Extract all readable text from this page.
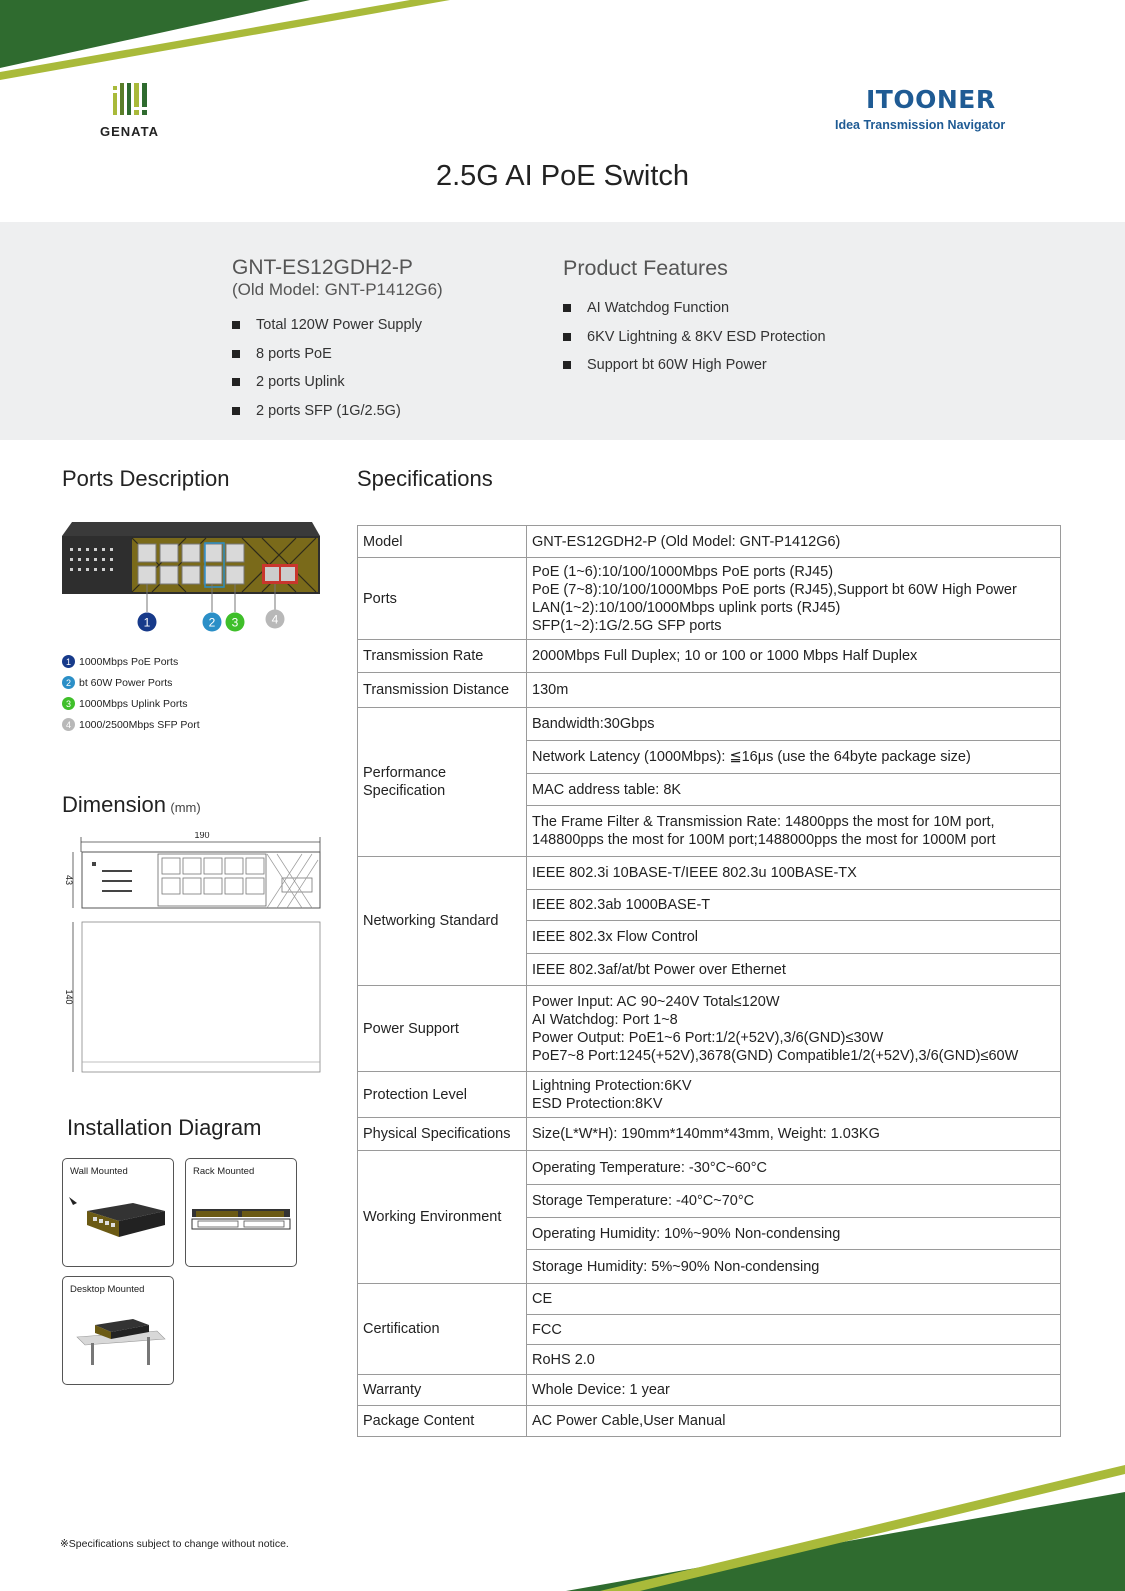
GENATA
ITOONER
Idea Transmission Navigator
2.5G AI PoE Switch
GNT-ES12GDH2-P
(Old Model: GNT-P1412G6)
Total 120W Power Supply
8 ports PoE
2 ports Uplink
2 ports SFP (1G/2.5G)
Product Features
AI Watchdog Function
6KV Lightning & 8KV ESD Protection
Support bt 60W High Power
Ports Description
1	2 3	4
1 1000Mbps PoE Ports
2 bt 60W Power Ports
3 1000Mbps Uplink Ports
4 1000/2500Mbps SFP Port
Dimension (mm)
190
43
140
Installation Diagram
Wall Mounted	Rack Mounted
Desktop Mounted
Specifications
Model	GNT-ES12GDH2-P (Old Model: GNT-P1412G6)
Ports	PoE (1~6):10/100/1000Mbps PoE ports (RJ45)
PoE (7~8):10/100/1000Mbps PoE ports (RJ45),Support bt 60W High Power
LAN(1~2):10/100/1000Mbps uplink ports (RJ45)
SFP(1~2):1G/2.5G SFP ports

Transmission Rate	2000Mbps Full Duplex; 10 or 100 or 1000 Mbps Half Duplex
Transmission Distance	130m
Performance Specification	Bandwidth:30Gbps
	Network Latency (1000Mbps): ≦16μs (use the 64byte package size)
	MAC address table: 8K
	The Frame Filter & Transmission Rate: 14800pps the most for 10M port, 148800pps the most for 100M port;1488000pps the most for 1000M port
Networking Standard	IEEE 802.3i 10BASE-T/IEEE 802.3u 100BASE-TX
	IEEE 802.3ab 1000BASE-T
	IEEE 802.3x Flow Control
	IEEE 802.3af/at/bt Power over Ethernet
Power Support	Power Input: AC 90~240V Total≤120W
AI Watchdog: Port 1~8
Power Output: PoE1~6 Port:1/2(+52V),3/6(GND)≤30W
PoE7~8 Port:1245(+52V),3678(GND) Compatible1/2(+52V),3/6(GND)≤60W

Protection Level	Lightning Protection:6KV
ESD Protection:8KV

Physical Specifications	Size(L*W*H): 190mm*140mm*43mm, Weight: 1.03KG
Working Environment	Operating Temperature: -30°C~60°C
	Storage Temperature: -40°C~70°C
	Operating Humidity: 10%~90% Non-condensing
	Storage Humidity: 5%~90% Non-condensing
Certification	CE
	FCC
	RoHS 2.0
Warranty	Whole Device: 1 year
Package Content	AC Power Cable,User Manual
※Specifications subject to change without notice.
